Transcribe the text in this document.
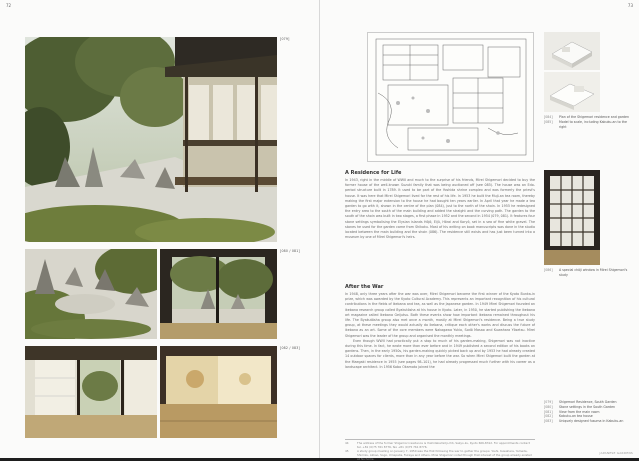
72
[079]
[080 / 081]
[082 / 083]
73
[084]	Plan of the Shigemori residence and garden
[085]	Model to scale, including Kabuku-an to the right
[086]	A special chōji window in Mirei Shigemori's study
A Residence for Life

In 1943, right in the middle of WWII and much to the surprise of his friends, Mirei Shigemori decided to buy the former house of the well-known Suzuki family that was being auctioned off (see 085). The house was an Edo-period structure built in 1789. It used to be part of the Yoshida shrine complex and was formerly the priest's house. It was here that Mirei Shigemori lived for the rest of his life. In 1953 he built the Muji-an tea room, thereby making the first major extension to the house he had bought ten years earlier. In April that year he made a tea garden to go with it, shown in the centre of the plan (084), just to the north of the shoin. In 1955 he redesigned the entry area to the south of the main building and added the straight and the curving path. The garden to the south of the shoin was built in two stages, a first phase in 1952 and the second in 1954 (079, 081). It features four stone settings symbolising the Elysian islands Hōjō, Eijū, Hōrai and Koryō, set in a sea of fine white gravel. The stones he used for the garden came from Shikoku. Most of his writing on book manuscripts was done in the studio located between the main building and the shoin (086). The residence still exists and has just been turned into a museum by one of Mirei Shigemori's heirs.

After the War

In 1948, only three years after the war was over, Mirei Shigemori became the first winner of the Kyoto Bunka-in prize, which was awarded by the Kyoto Cultural Academy. This represents an important recognition of his cultural contributions in the fields of ikebana and tea, as well as the Japanese garden. In 1949 Mirei Shigemori founded an ikebana research group called Byakutōsha at his house in Kyoto. Later, in 1950, he started publishing the ikebana art magazine called Ikebana Geijutsu. Both these events show how important ikebana remained throughout his life. The Byakutōsha group also met once a month, mostly at Mirei Shigemori's residence. Being a true study group, at these meetings they would actually do ikebana, critique each other's works and discuss the future of ikebana as an art. Some of the core members were Nakagawa Yukio, Sodō Masao and Kuwahara Yōsetsu. Mirei Shigemori was the leader of the group and organised the monthly meetings.

Even though WWII had practically put a stop to much of his garden-making, Shigemori was not inactive during this time. In fact, he wrote more than ever before and in 1949 published a second edition of his books on gardens. Then, in the early 1950s, his garden-making quickly picked back up and by 1953 he had already created 14 outdoor spaces for clients, more than in any year before the war. So when Mirei Shigemori built the garden at the Maegaki residence in 1955 (see pages 98–101), he had already progressed much further with his career as a landscape architect. In 1956 Kobo Okamoto joined the

[079]	Shigemori Residence, South Garden
[080]	Stone settings in the South Garden
[081]	View from the main room
[082]	Kabuku-an tea house
[083]	Uniquely designed fusuma in Kabuku-an
44	The address of the former Shigemori residence is Yoshidakamiōji-chō, Sakyo-ku, Kyoto 606-8312. For appointments contact tel. +81 (0)75 761 8776, fax +81 (0)75 761 8776.
45	A study group meeting on January 7, 1950 was the first following the war to gather the groups: Yoshi, Kuwahara, Yamada, Shimizu, Akkao, Sogo, Umepalla, Fukaya and others. Mirei Shigemori noted though that interest of the group already existed at his home.
JAPANESE GARDENS
